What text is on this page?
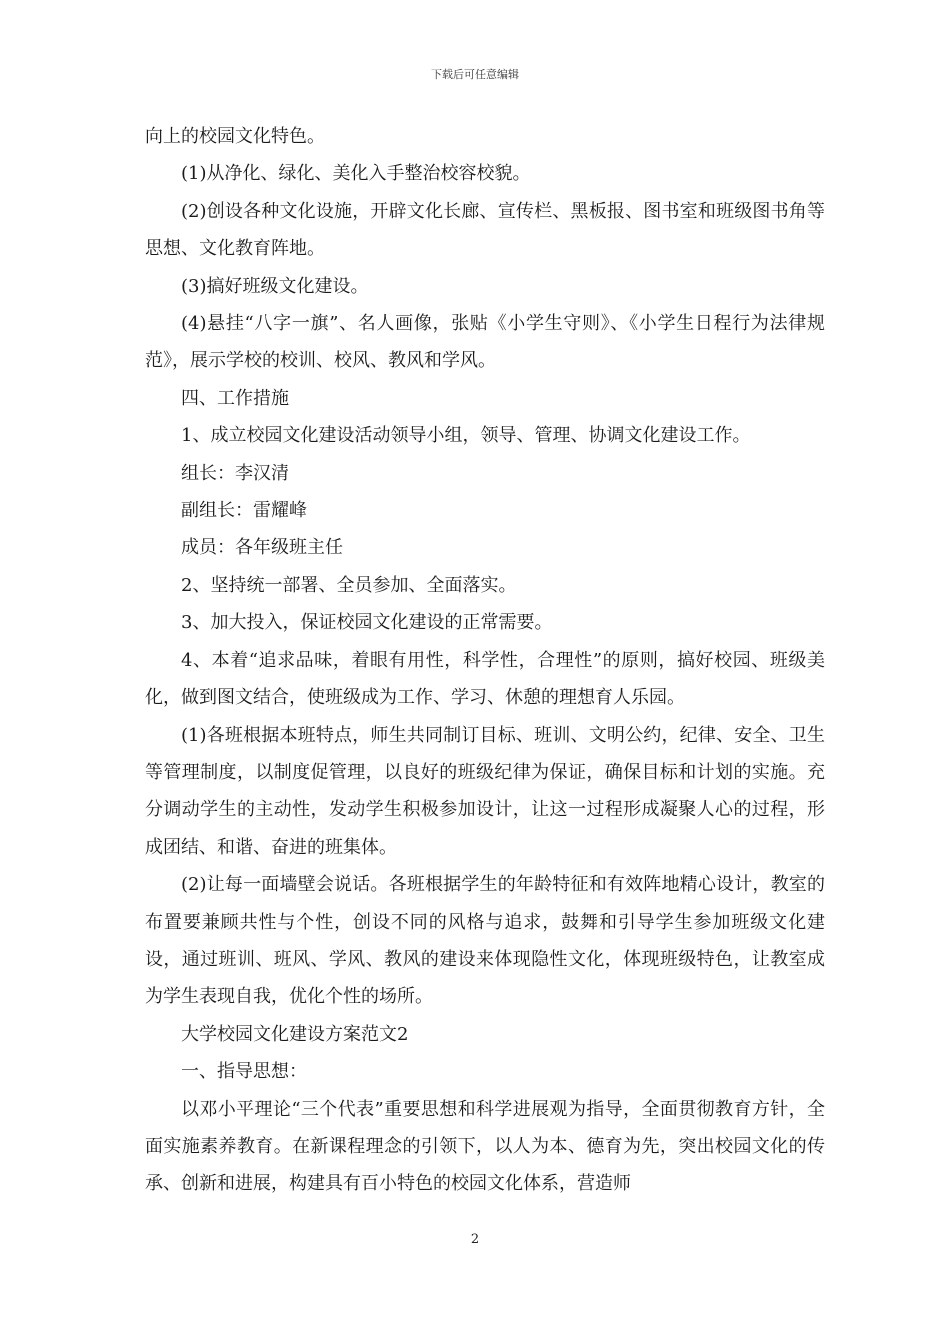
下载后可任意编辑

向上的校园文化特色。

(1)从净化、绿化、美化入手整治校容校貌。

(2)创设各种文化设施，开辟文化长廊、宣传栏、黑板报、图书室和班级图书角等思想、文化教育阵地。

(3)搞好班级文化建设。

(4)悬挂“八字一旗”、名人画像，张贴《小学生守则》、《小学生日程行为法律规范》，展示学校的校训、校风、教风和学风。

四、工作措施

1、成立校园文化建设活动领导小组，领导、管理、协调文化建设工作。

组长：李汉清

副组长：雷耀峰

成员：各年级班主任

2、坚持统一部署、全员参加、全面落实。

3、加大投入，保证校园文化建设的正常需要。

4、本着“追求品味，着眼有用性，科学性，合理性”的原则，搞好校园、班级美化，做到图文结合，使班级成为工作、学习、休憩的理想育人乐园。

(1)各班根据本班特点，师生共同制订目标、班训、文明公约，纪律、安全、卫生等管理制度，以制度促管理，以良好的班级纪律为保证，确保目标和计划的实施。充分调动学生的主动性，发动学生积极参加设计，让这一过程形成凝聚人心的过程，形成团结、和谐、奋进的班集体。

(2)让每一面墙壁会说话。各班根据学生的年龄特征和有效阵地精心设计，教室的布置要兼顾共性与个性，创设不同的风格与追求，鼓舞和引导学生参加班级文化建设，通过班训、班风、学风、教风的建设来体现隐性文化，体现班级特色，让教室成为学生表现自我，优化个性的场所。

大学校园文化建设方案范文2

一、指导思想：

以邓小平理论“三个代表”重要思想和科学进展观为指导，全面贯彻教育方针，全面实施素养教育。在新课程理念的引领下，以人为本、德育为先，突出校园文化的传承、创新和进展，构建具有百小特色的校园文化体系，营造师

2
